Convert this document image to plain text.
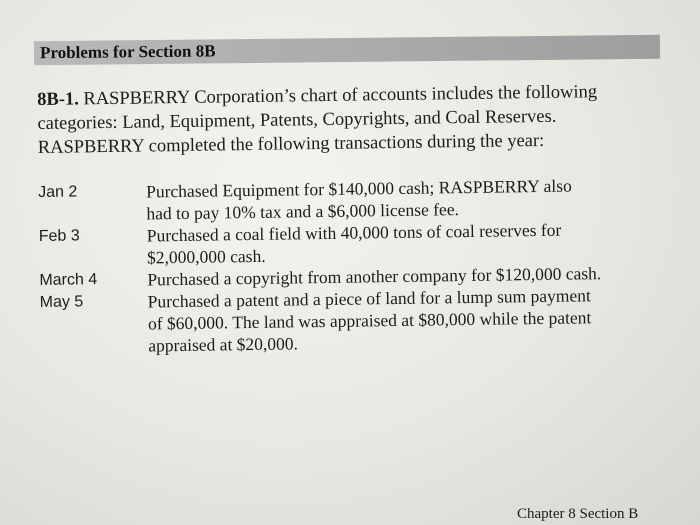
Problems for Section 8B
8B-1. RASPBERRY Corporation’s chart of accounts includes the following
categories: Land, Equipment, Patents, Copyrights, and Coal Reserves.
RASPBERRY completed the following transactions during the year:
Jan 2	Purchased Equipment for $140,000 cash; RASPBERRY also
had to pay 10% tax and a $6,000 license fee.
Feb 3	Purchased a coal field with 40,000 tons of coal reserves for
$2,000,000 cash.
March 4	Purchased a copyright from another company for $120,000 cash.
May 5	Purchased a patent and a piece of land for a lump sum payment
of $60,000. The land was appraised at $80,000 while the patent
appraised at $20,000.
Chapter 8 Section B
